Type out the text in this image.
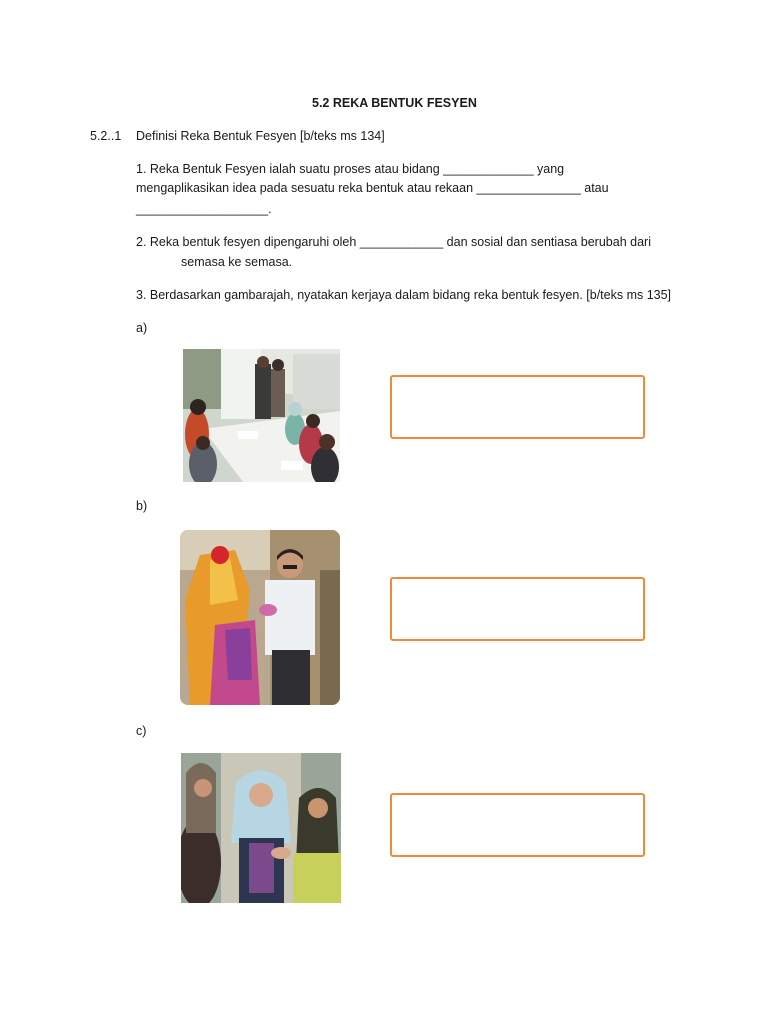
5.2 REKA BENTUK FESYEN
5.2..1 Definisi Reka Bentuk Fesyen [b/teks ms 134]
1. Reka Bentuk Fesyen ialah suatu proses atau bidang _____________ yang
mengaplikasikan idea pada sesuatu reka bentuk atau rekaan _______________ atau
___________________.
2. Reka bentuk fesyen dipengaruhi oleh ____________ dan sosial dan sentiasa berubah dari
semasa ke semasa.
3. Berdasarkan gambarajah, nyatakan kerjaya dalam bidang reka bentuk fesyen. [b/teks ms 135]
a)
b)
c)
